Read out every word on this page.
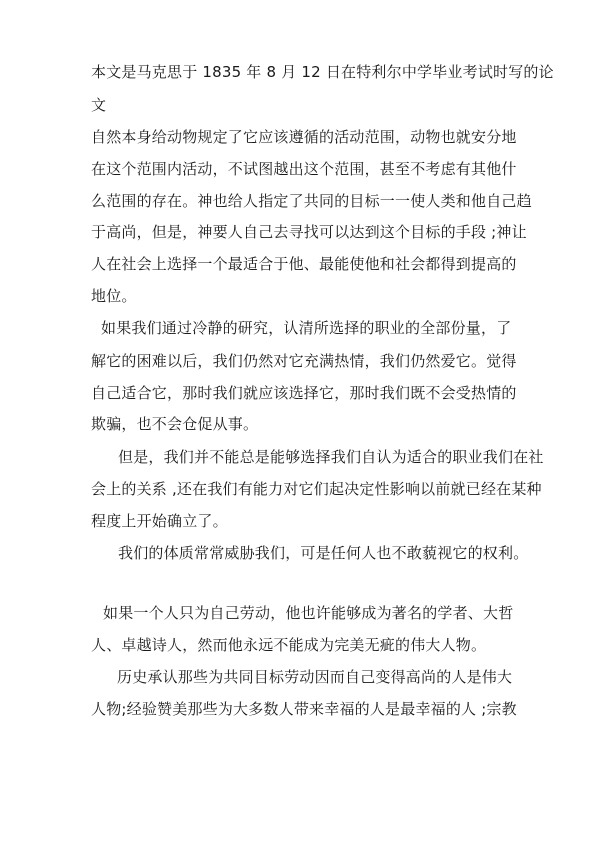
本文是马克思于 1835 年 8 月 12 日在特利尔中学毕业考试时写的论
文
自然本身给动物规定了它应该遵循的活动范围，动物也就安分地
在这个范围内活动，不试图越出这个范围，甚至不考虑有其他什
么范围的存在。神也给人指定了共同的目标一一使人类和他自己趋
于高尚，但是，神要人自己去寻找可以达到这个目标的手段 ;神让
人在社会上选择一个最适合于他、最能使他和社会都得到提高的
地位。
如果我们通过冷静的研究，认清所选择的职业的全部份量，了
解它的困难以后，我们仍然对它充满热情，我们仍然爱它。觉得
自己适合它，那时我们就应该选择它，那时我们既不会受热情的
欺骗，也不会仓促从事。
但是，我们并不能总是能够选择我们自认为适合的职业我们在社
会上的关系 ,还在我们有能力对它们起决定性影响以前就已经在某种
程度上开始确立了。
我们的体质常常威胁我们，可是任何人也不敢藐视它的权利。
如果一个人只为自己劳动，他也许能够成为著名的学者、大哲
人、卓越诗人，然而他永远不能成为完美无疵的伟大人物。
历史承认那些为共同目标劳动因而自己变得高尚的人是伟大
人物;经验赞美那些为大多数人带来幸福的人是最幸福的人 ;宗教
